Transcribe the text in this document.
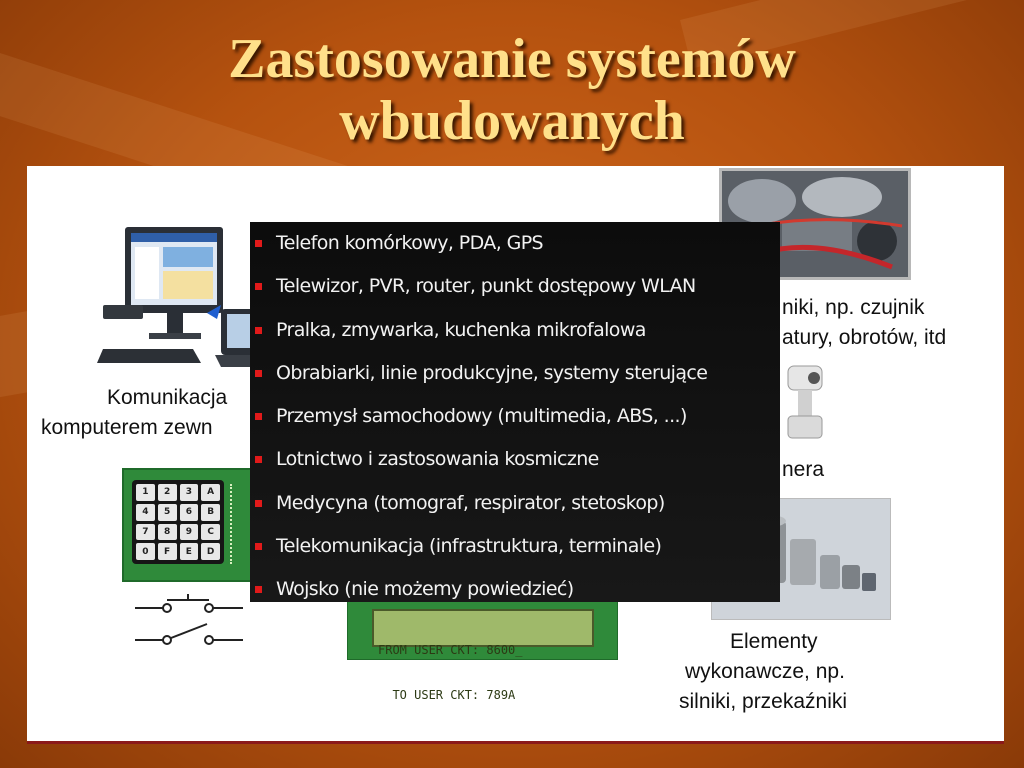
Zastosowanie systemów
wbudowanych
Komunikacja
komputerem zewn
1	2	3	A
4	5	6	B
7	8	9	C
0	F	E	D
niki, np. czujnik
atury, obrotów, itd
nera
Elementy
wykonawcze, np.
silniki, przekaźniki

FROM USER CKT: 8600_

TO USER CKT: 789A

Telefon komórkowy, PDA, GPS
Telewizor, PVR, router, punkt dostępowy WLAN
Pralka, zmywarka, kuchenka mikrofalowa
Obrabiarki, linie produkcyjne, systemy sterujące
Przemysł samochodowy (multimedia, ABS, ...)
Lotnictwo i zastosowania kosmiczne
Medycyna (tomograf, respirator, stetoskop)
Telekomunikacja (infrastruktura, terminale)
Wojsko (nie możemy powiedzieć)
